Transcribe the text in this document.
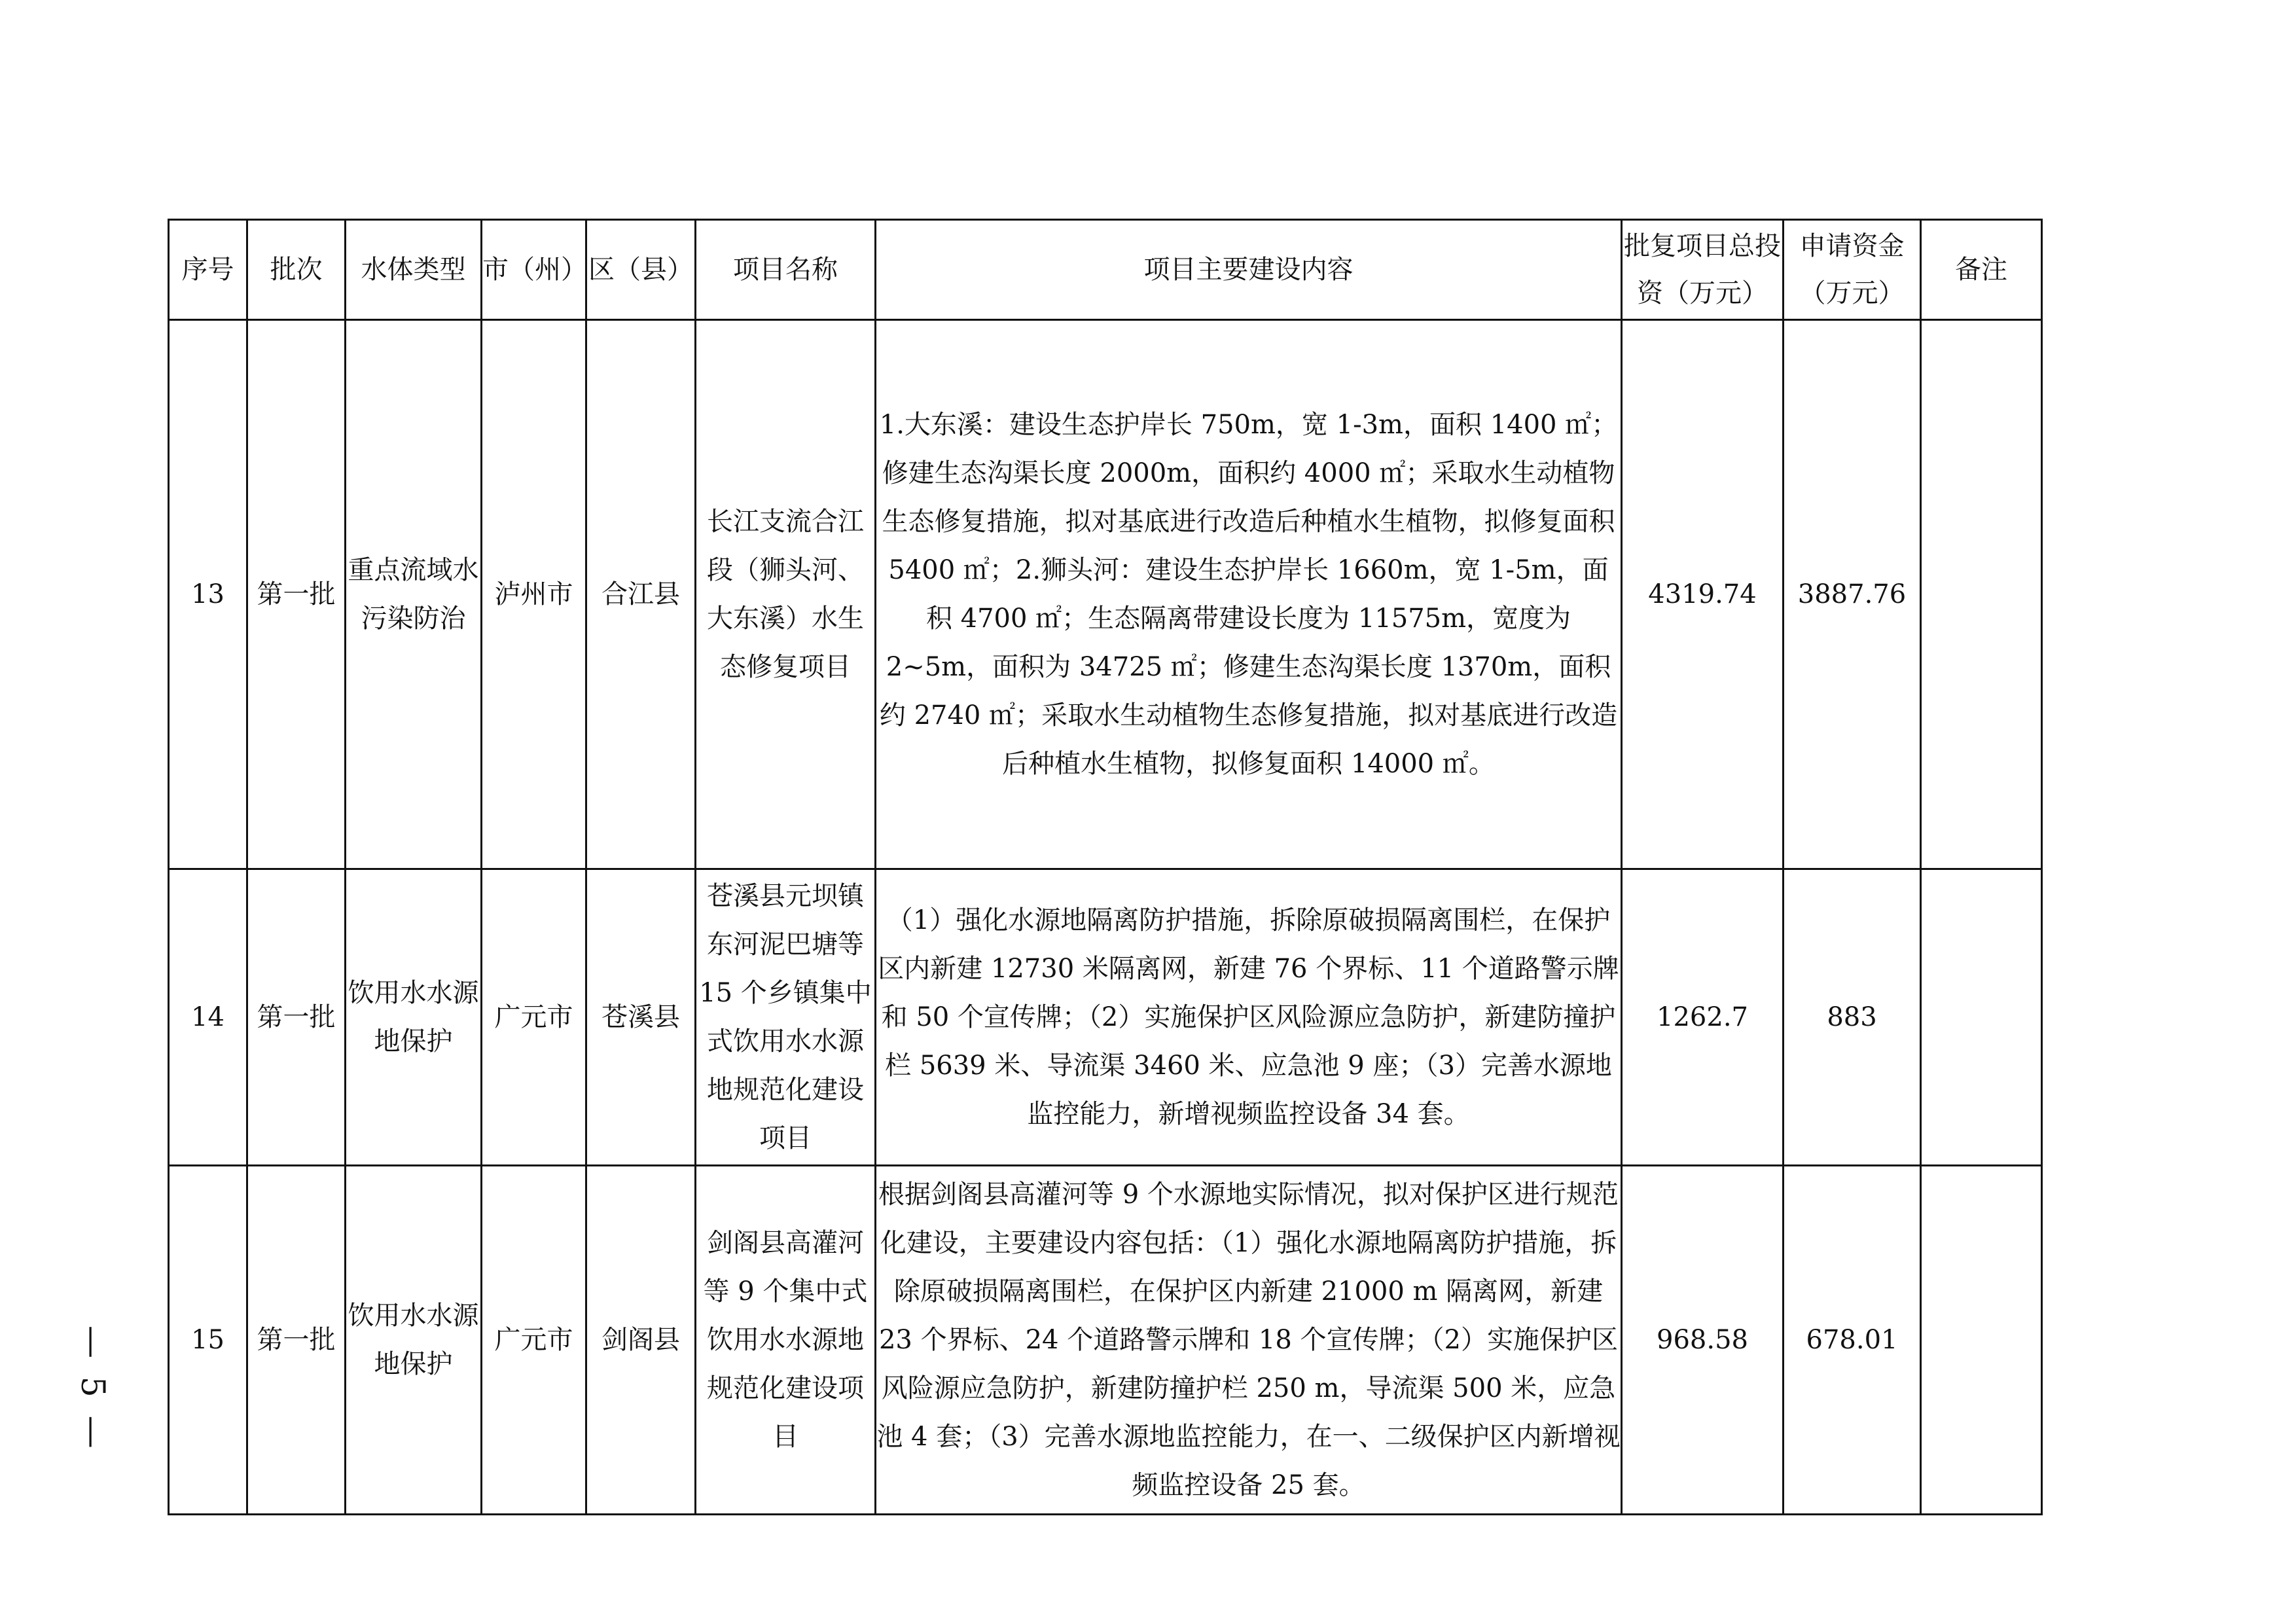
— 5 —
序号	批次	水体类型	市（州）	区（县）	项目名称	项目主要建设内容	批复项目总投资（万元）	申请资金（万元）	备注
13	第一批	重点流域水污染防治	泸州市	合江县	长江支流合江段（狮头河、大东溪）水生态修复项目	1.大东溪：建设生态护岸长 750m，宽 1-3m，面积 1400 ㎡；修建生态沟渠长度 2000m，面积约 4000 ㎡；采取水生动植物生态修复措施，拟对基底进行改造后种植水生植物，拟修复面积 5400 ㎡；2.狮头河：建设生态护岸长 1660m，宽 1-5m，面积 4700 ㎡；生态隔离带建设长度为 11575m，宽度为 2~5m，面积为 34725 ㎡；修建生态沟渠长度 1370m，面积约 2740 ㎡；采取水生动植物生态修复措施，拟对基底进行改造后种植水生植物，拟修复面积 14000 ㎡。	4319.74	3887.76	
14	第一批	饮用水水源地保护	广元市	苍溪县	苍溪县元坝镇东河泥巴塘等 15 个乡镇集中式饮用水水源地规范化建设项目	（1）强化水源地隔离防护措施，拆除原破损隔离围栏，在保护区内新建 12730 米隔离网，新建 76 个界标、11 个道路警示牌和 50 个宣传牌；（2）实施保护区风险源应急防护，新建防撞护栏 5639 米、导流渠 3460 米、应急池 9 座；（3）完善水源地监控能力，新增视频监控设备 34 套。	1262.7	883	
15	第一批	饮用水水源地保护	广元市	剑阁县	剑阁县高灌河等 9 个集中式饮用水水源地规范化建设项目	根据剑阁县高灌河等 9 个水源地实际情况，拟对保护区进行规范化建设，主要建设内容包括：（1）强化水源地隔离防护措施，拆除原破损隔离围栏，在保护区内新建 21000 m 隔离网，新建 23 个界标、24 个道路警示牌和 18 个宣传牌；（2）实施保护区风险源应急防护，新建防撞护栏 250 m，导流渠 500 米，应急池 4 套；（3）完善水源地监控能力，在一、二级保护区内新增视频监控设备 25 套。	968.58	678.01	
